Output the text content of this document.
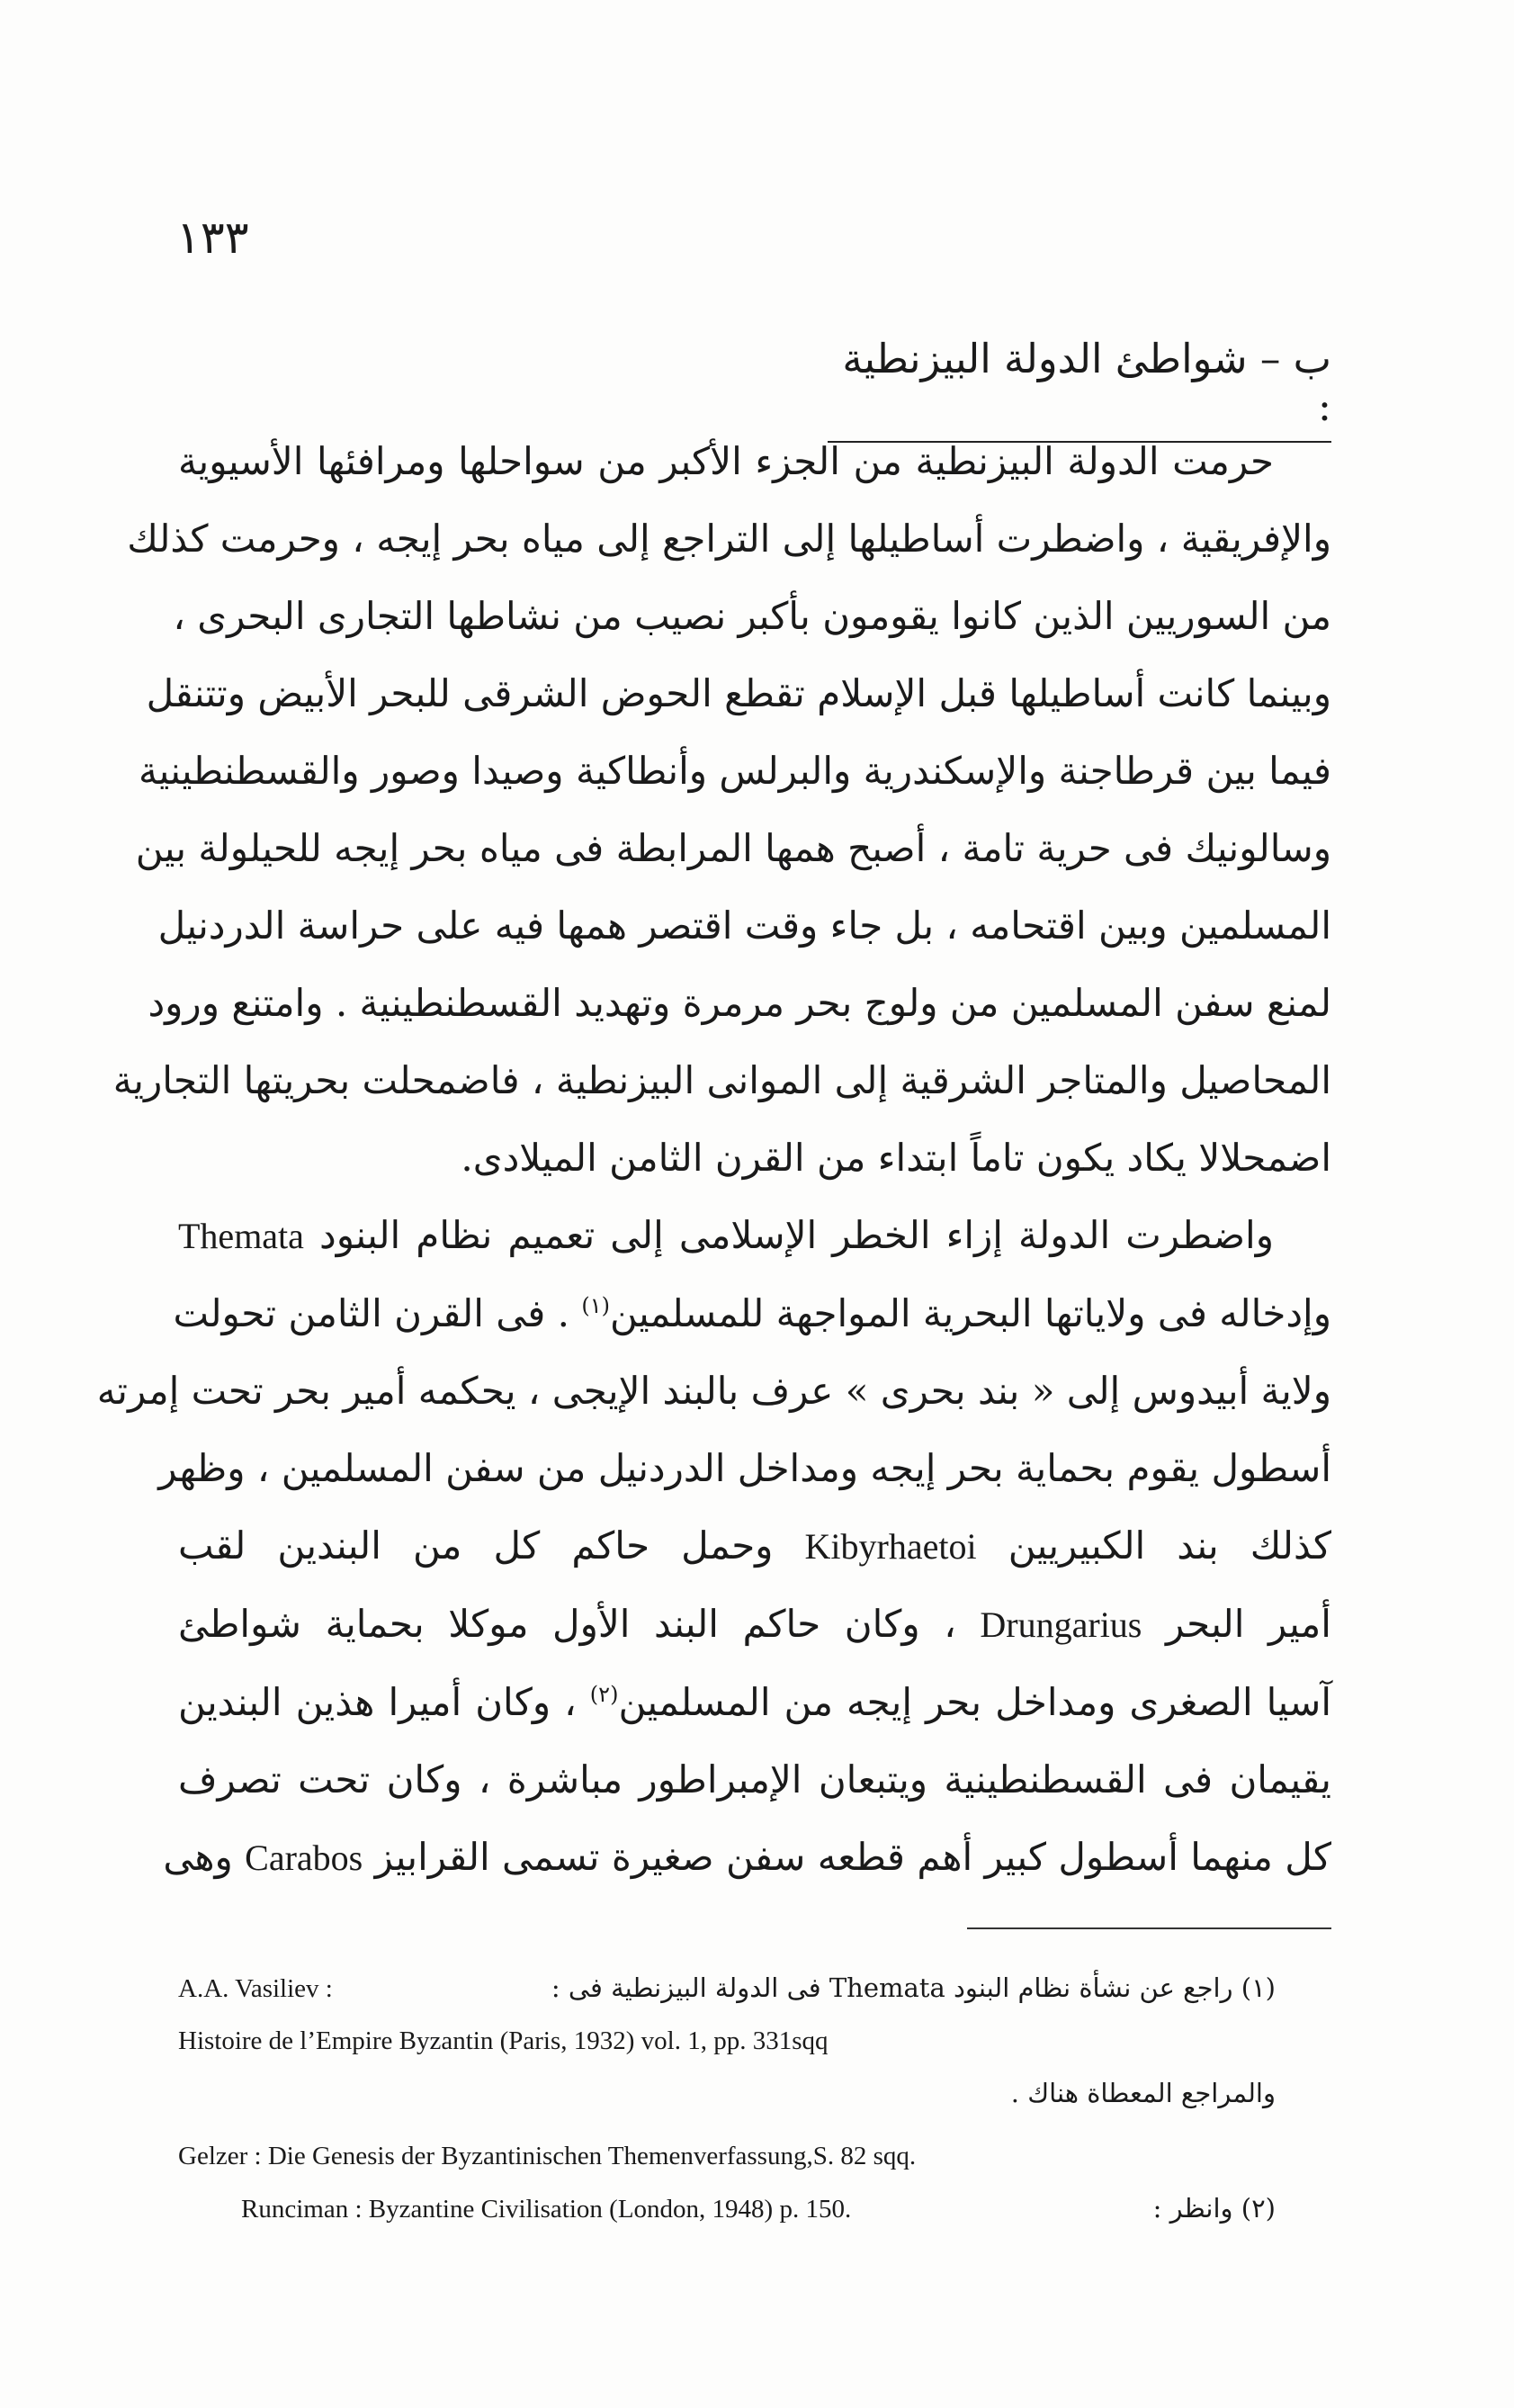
١٣٣
ب – شواطئ الدولة البيزنطية :
حرمت الدولة البيزنطية من الجزء الأكبر من سواحلها ومرافئها الأسيوية
والإفريقية ، واضطرت أساطيلها إلى التراجع إلى مياه بحر إيجه ، وحرمت كذلك
من السوريين الذين كانوا يقومون بأكبر نصيب من نشاطها التجارى البحرى ،
وبينما كانت أساطيلها قبل الإسلام تقطع الحوض الشرقى للبحر الأبيض وتتنقل
فيما بين قرطاجنة والإسكندرية والبرلس وأنطاكية وصيدا وصور والقسطنطينية
وسالونيك فى حرية تامة ، أصبح همها المرابطة فى مياه بحر إيجه للحيلولة بين
المسلمين وبين اقتحامه ، بل جاء وقت اقتصر همها فيه على حراسة الدردنيل
لمنع سفن المسلمين من ولوج بحر مرمرة وتهديد القسطنطينية . وامتنع ورود
المحاصيل والمتاجر الشرقية إلى الموانى البيزنطية ، فاضمحلت بحريتها التجارية
اضمحلالا يكاد يكون تاماً ابتداء من القرن الثامن الميلادى.
واضطرت الدولة إزاء الخطر الإسلامى إلى تعميم نظام البنود Themata
وإدخاله فى ولاياتها البحرية المواجهة للمسلمين$^{(١)}$ . فى القرن الثامن تحولت
ولاية أبيدوس إلى « بند بحرى » عرف بالبند الإيجى ، يحكمه أمير بحر تحت إمرته
أسطول يقوم بحماية بحر إيجه ومداخل الدردنيل من سفن المسلمين ، وظهر
كذلك بند الكبيريين Kibyrhaetoi وحمل حاكم كل من البندين لقب
أمير البحر Drungarius ، وكان حاكم البند الأول موكلا بحماية شواطئ
آسيا الصغرى ومداخل بحر إيجه من المسلمين$^{(٢)}$ ، وكان أميرا هذين البندين
يقيمان فى القسطنطينية ويتبعان الإمبراطور مباشرة ، وكان تحت تصرف
كل منهما أسطول كبير أهم قطعه سفن صغيرة تسمى القرابيز Carabos وهى
A.A. Vasiliev :	(١) راجع عن نشأة نظام البنود Themata فى الدولة البيزنطية فى :
Histoire de l’Empire Byzantin (Paris, 1932) vol. 1, pp. 331sqq
والمراجع المعطاة هناك .
Gelzer : Die Genesis der Byzantinischen Themenverfassung,S. 82 sqq.
Runciman : Byzantine Civilisation (London, 1948) p. 150.	(٢) وانظر :
